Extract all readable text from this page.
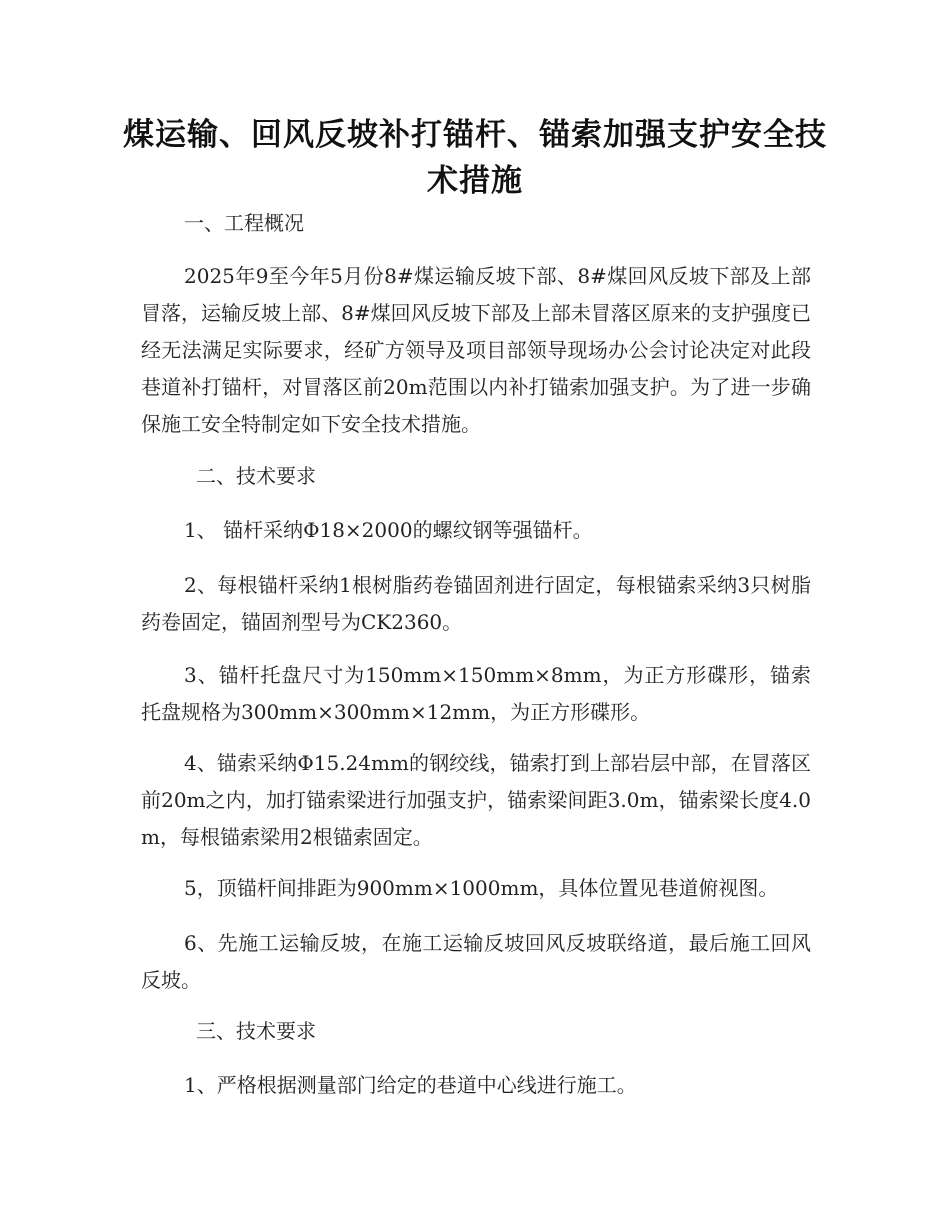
煤运输、回风反坡补打锚杆、锚索加强支护安全技术措施
一、工程概况
2025年9至今年5月份8#煤运输反坡下部、8#煤回风反坡下部及上部冒落，运输反坡上部、8#煤回风反坡下部及上部未冒落区原来的支护强度已经无法满足实际要求，经矿方领导及项目部领导现场办公会讨论决定对此段巷道补打锚杆，对冒落区前20m范围以内补打锚索加强支护。为了进一步确保施工安全特制定如下安全技术措施。
二、技术要求
1、 锚杆采纳Φ18×2000的螺纹钢等强锚杆。
2、每根锚杆采纳1根树脂药卷锚固剂进行固定，每根锚索采纳3只树脂药卷固定，锚固剂型号为CK2360。
3、锚杆托盘尺寸为150mm×150mm×8mm，为正方形碟形，锚索托盘规格为300mm×300mm×12mm，为正方形碟形。
4、锚索采纳Φ15.24mm的钢绞线，锚索打到上部岩层中部，在冒落区前20m之内，加打锚索梁进行加强支护，锚索梁间距3.0m，锚索梁长度4.0m，每根锚索梁用2根锚索固定。
5，顶锚杆间排距为900mm×1000mm，具体位置见巷道俯视图。
6、先施工运输反坡，在施工运输反坡回风反坡联络道，最后施工回风反坡。
三、技术要求
1、严格根据测量部门给定的巷道中心线进行施工。
